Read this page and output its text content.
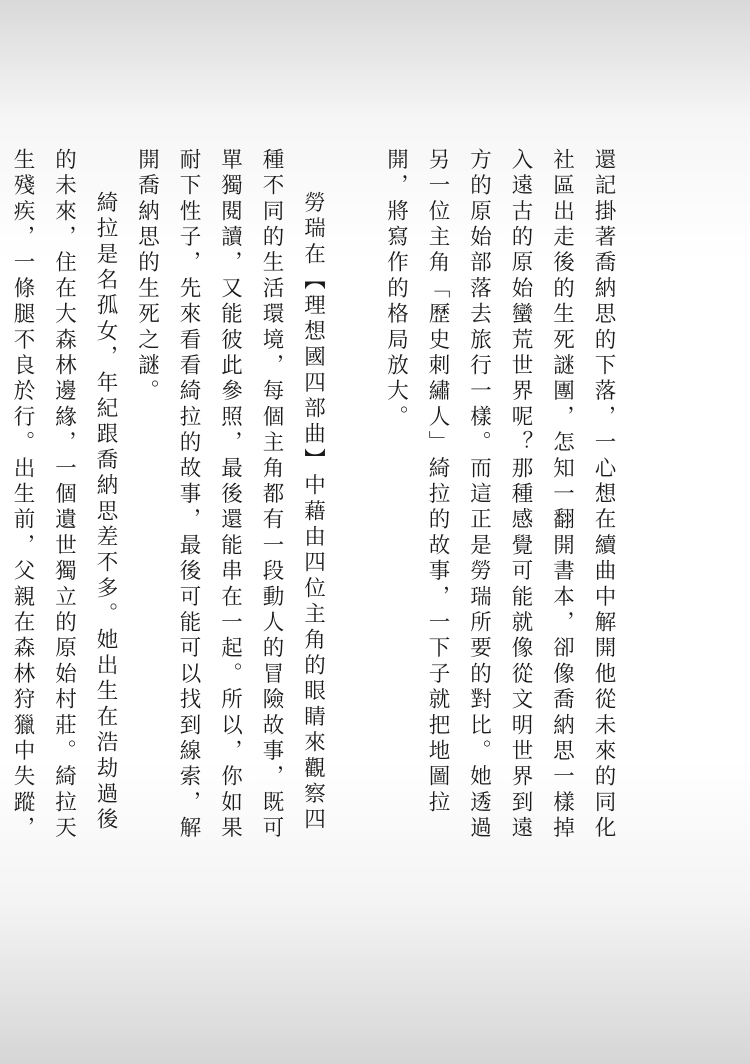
還記掛著喬納思的下落，一心想在續曲中解開他從未來的同化社區出走後的生死謎團，怎知一翻開書本，卻像喬納思一樣掉入遠古的原始蠻荒世界呢？那種感覺可能就像從文明世界到遠方的原始部落去旅行一樣。而這正是勞瑞所要的對比。她透過另一位主角「歷史刺繡人」綺拉的故事，一下子就把地圖拉開，將寫作的格局放大。

勞瑞在【理想國四部曲】中藉由四位主角的眼睛來觀察四種不同的生活環境，每個主角都有一段動人的冒險故事，既可單獨閱讀，又能彼此參照，最後還能串在一起。所以，你如果耐下性子，先來看看綺拉的故事，最後可能可以找到線索，解開喬納思的生死之謎。

綺拉是名孤女，年紀跟喬納思差不多。她出生在浩劫過後的未來，住在大森林邊緣，一個遺世獨立的原始村莊。綺拉天生殘疾，一條腿不良於行。出生前，父親在森林狩獵中失蹤，
